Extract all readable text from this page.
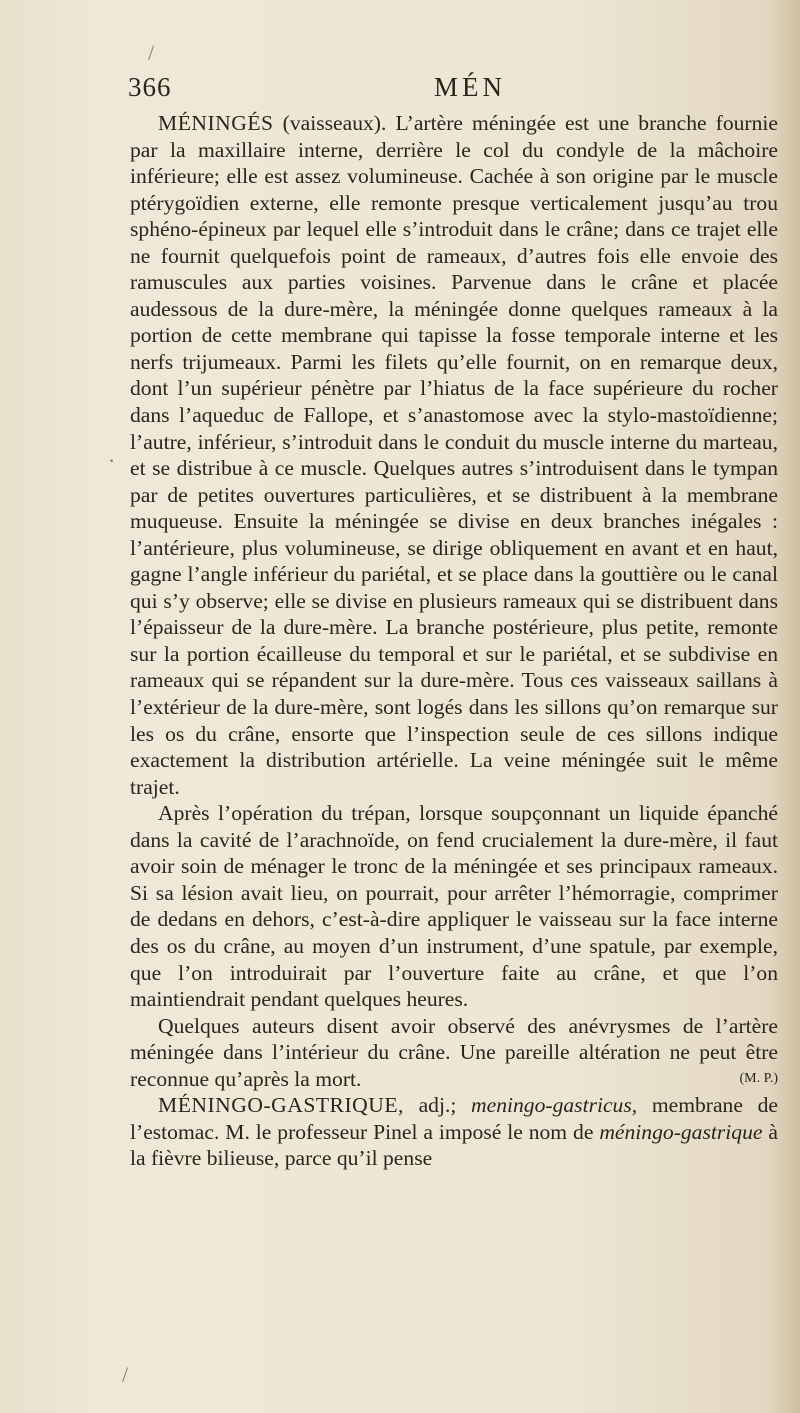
366	MÉN
/
·
/

MÉNINGÉS (vaisseaux). L’artère méningée est une branche fournie par la maxillaire interne, derrière le col du condyle de la mâchoire inférieure; elle est assez volumineuse. Cachée à son origine par le muscle ptérygoïdien externe, elle remonte presque verticalement jusqu’au trou sphéno-épineux par lequel elle s’introduit dans le crâne; dans ce trajet elle ne fournit quelquefois point de rameaux, d’autres fois elle envoie des ramuscules aux parties voisines. Parvenue dans le crâne et placée audessous de la dure-mère, la méningée donne quelques rameaux à la portion de cette membrane qui tapisse la fosse temporale interne et les nerfs trijumeaux. Parmi les filets qu’elle fournit, on en remarque deux, dont l’un supérieur pénètre par l’hiatus de la face supérieure du rocher dans l’aqueduc de Fallope, et s’anastomose avec la stylo-mastoïdienne; l’autre, inférieur, s’introduit dans le conduit du muscle interne du marteau, et se distribue à ce muscle. Quelques autres s’introduisent dans le tympan par de petites ouvertures particulières, et se distribuent à la membrane muqueuse. Ensuite la méningée se divise en deux branches inégales : l’antérieure, plus volumineuse, se dirige obliquement en avant et en haut, gagne l’angle inférieur du pariétal, et se place dans la gouttière ou le canal qui s’y observe; elle se divise en plusieurs rameaux qui se distribuent dans l’épaisseur de la dure-mère. La branche postérieure, plus petite, remonte sur la portion écailleuse du temporal et sur le pariétal, et se subdivise en rameaux qui se répandent sur la dure-mère. Tous ces vaisseaux saillans à l’extérieur de la dure-mère, sont logés dans les sillons qu’on remarque sur les os du crâne, ensorte que l’inspection seule de ces sillons indique exactement la distribution artérielle. La veine méningée suit le même trajet.

Après l’opération du trépan, lorsque soupçonnant un liquide épanché dans la cavité de l’arachnoïde, on fend crucialement la dure-mère, il faut avoir soin de ménager le tronc de la méningée et ses principaux rameaux. Si sa lésion avait lieu, on pourrait, pour arrêter l’hémorragie, comprimer de dedans en dehors, c’est-à-dire appliquer le vaisseau sur la face interne des os du crâne, au moyen d’un instrument, d’une spatule, par exemple, que l’on introduirait par l’ouverture faite au crâne, et que l’on maintiendrait pendant quelques heures.

Quelques auteurs disent avoir observé des anévrysmes de l’artère méningée dans l’intérieur du crâne. Une pareille altération ne peut être reconnue qu’après la mort.	(M. P.)

MÉNINGO-GASTRIQUE, adj.; meningo-gastricus, membrane de l’estomac. M. le professeur Pinel a imposé le nom de méningo-gastrique à la fièvre bilieuse, parce qu’il pense
